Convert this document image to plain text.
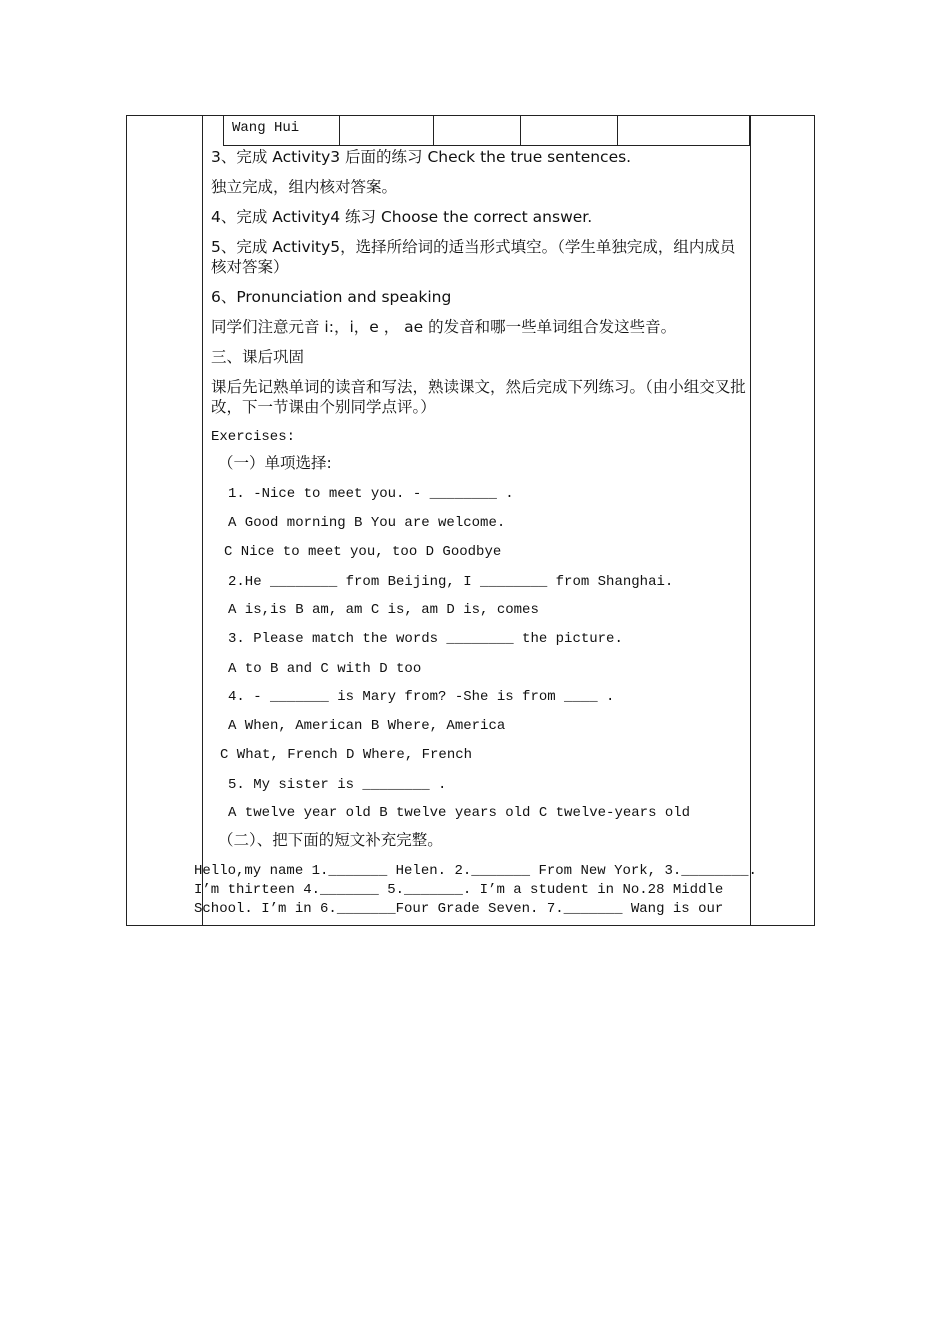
Wang Hui
3、完成 Activity3 后面的练习 Check the true sentences.
独立完成，组内核对答案。
4、完成 Activity4 练习 Choose the correct answer.
5、完成 Activity5，选择所给词的适当形式填空。（学生单独完成，组内成员核对答案）
6、Pronunciation and speaking
同学们注意元音 i:，i，e ， ae 的发音和哪一些单词组合发这些音。
三、课后巩固
课后先记熟单词的读音和写法，熟读课文，然后完成下列练习。（由小组交叉批改，下一节课由个别同学点评。）
Exercises:
（一）单项选择:
1. -Nice to meet you. - ________ .
A Good morning B You are welcome.
C Nice to meet you, too D Goodbye
2.He ________ from Beijing, I ________ from Shanghai.
A is,is B am, am C is, am D is, comes
3. Please match the words ________ the picture.
A to B and C with D too
4. - _______ is Mary from? -She is from ____ .
A When, American B Where, America
C What, French D Where, French
5. My sister is ________ .
A twelve year old B twelve years old C twelve-years old
（二）、把下面的短文补充完整。
Hello,my name 1._______ Helen. 2._______ From New York, 3.________.
I’m thirteen 4._______ 5._______. I’m a student in No.28 Middle
School. I’m in 6._______Four Grade Seven. 7._______ Wang is our
